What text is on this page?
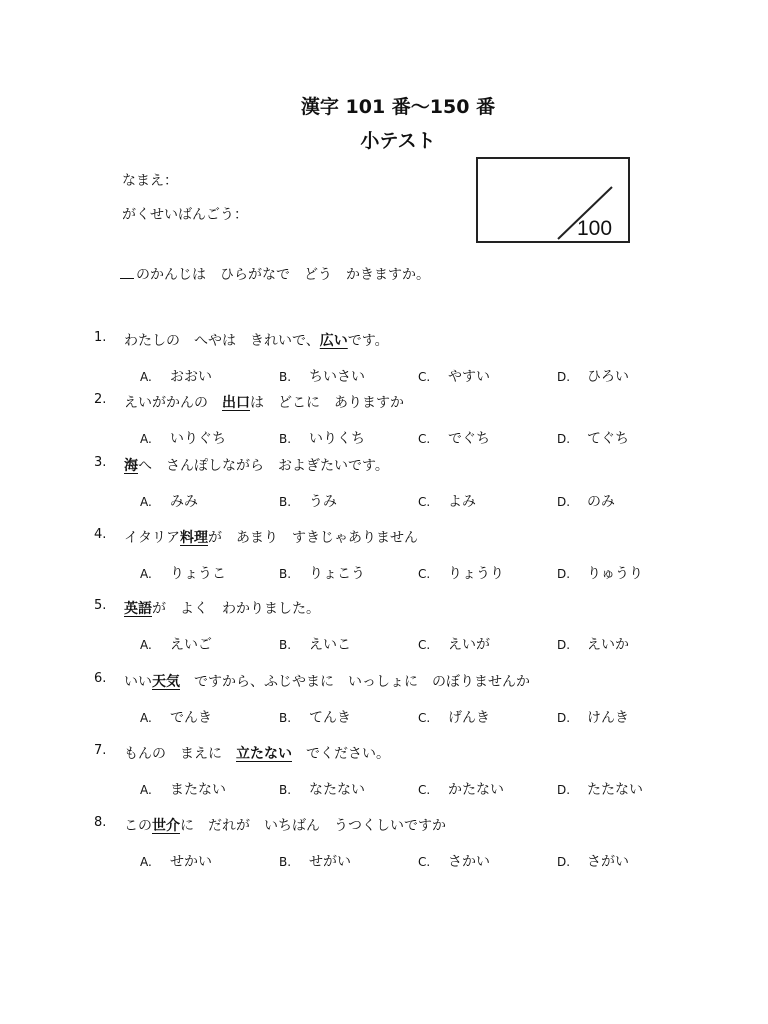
漢字 101 番〜150 番
小テスト
なまえ：
がくせいばんごう：
100
のかんじは　ひらがなで　どう　かきますか。
1. わたしの　へやは　きれいで、広いです。
A. おおい	B. ちいさい	C. やすい	D. ひろい
2. えいがかんの　出口は　どこに　ありますか
A. いりぐち	B. いりくち	C. でぐち	D. てぐち
3. 海へ　さんぽしながら　およぎたいです。
A. みみ	B. うみ	C. よみ	D. のみ
4. イタリア料理が　あまり　すきじゃありません
A. りょうこ	B. りょこう	C. りょうり	D. りゅうり
5. 英語が　よく　わかりました。
A. えいご	B. えいこ	C. えいが	D. えいか
6. いい天気　ですから、ふじやまに　いっしょに　のぼりませんか
A. でんき	B. てんき	C. げんき	D. けんき
7. もんの　まえに　立たない　でください。
A. またない	B. なたない	C. かたない	D. たたない
8. この世介に　だれが　いちばん　うつくしいですか
A. せかい	B. せがい	C. さかい	D. さがい
